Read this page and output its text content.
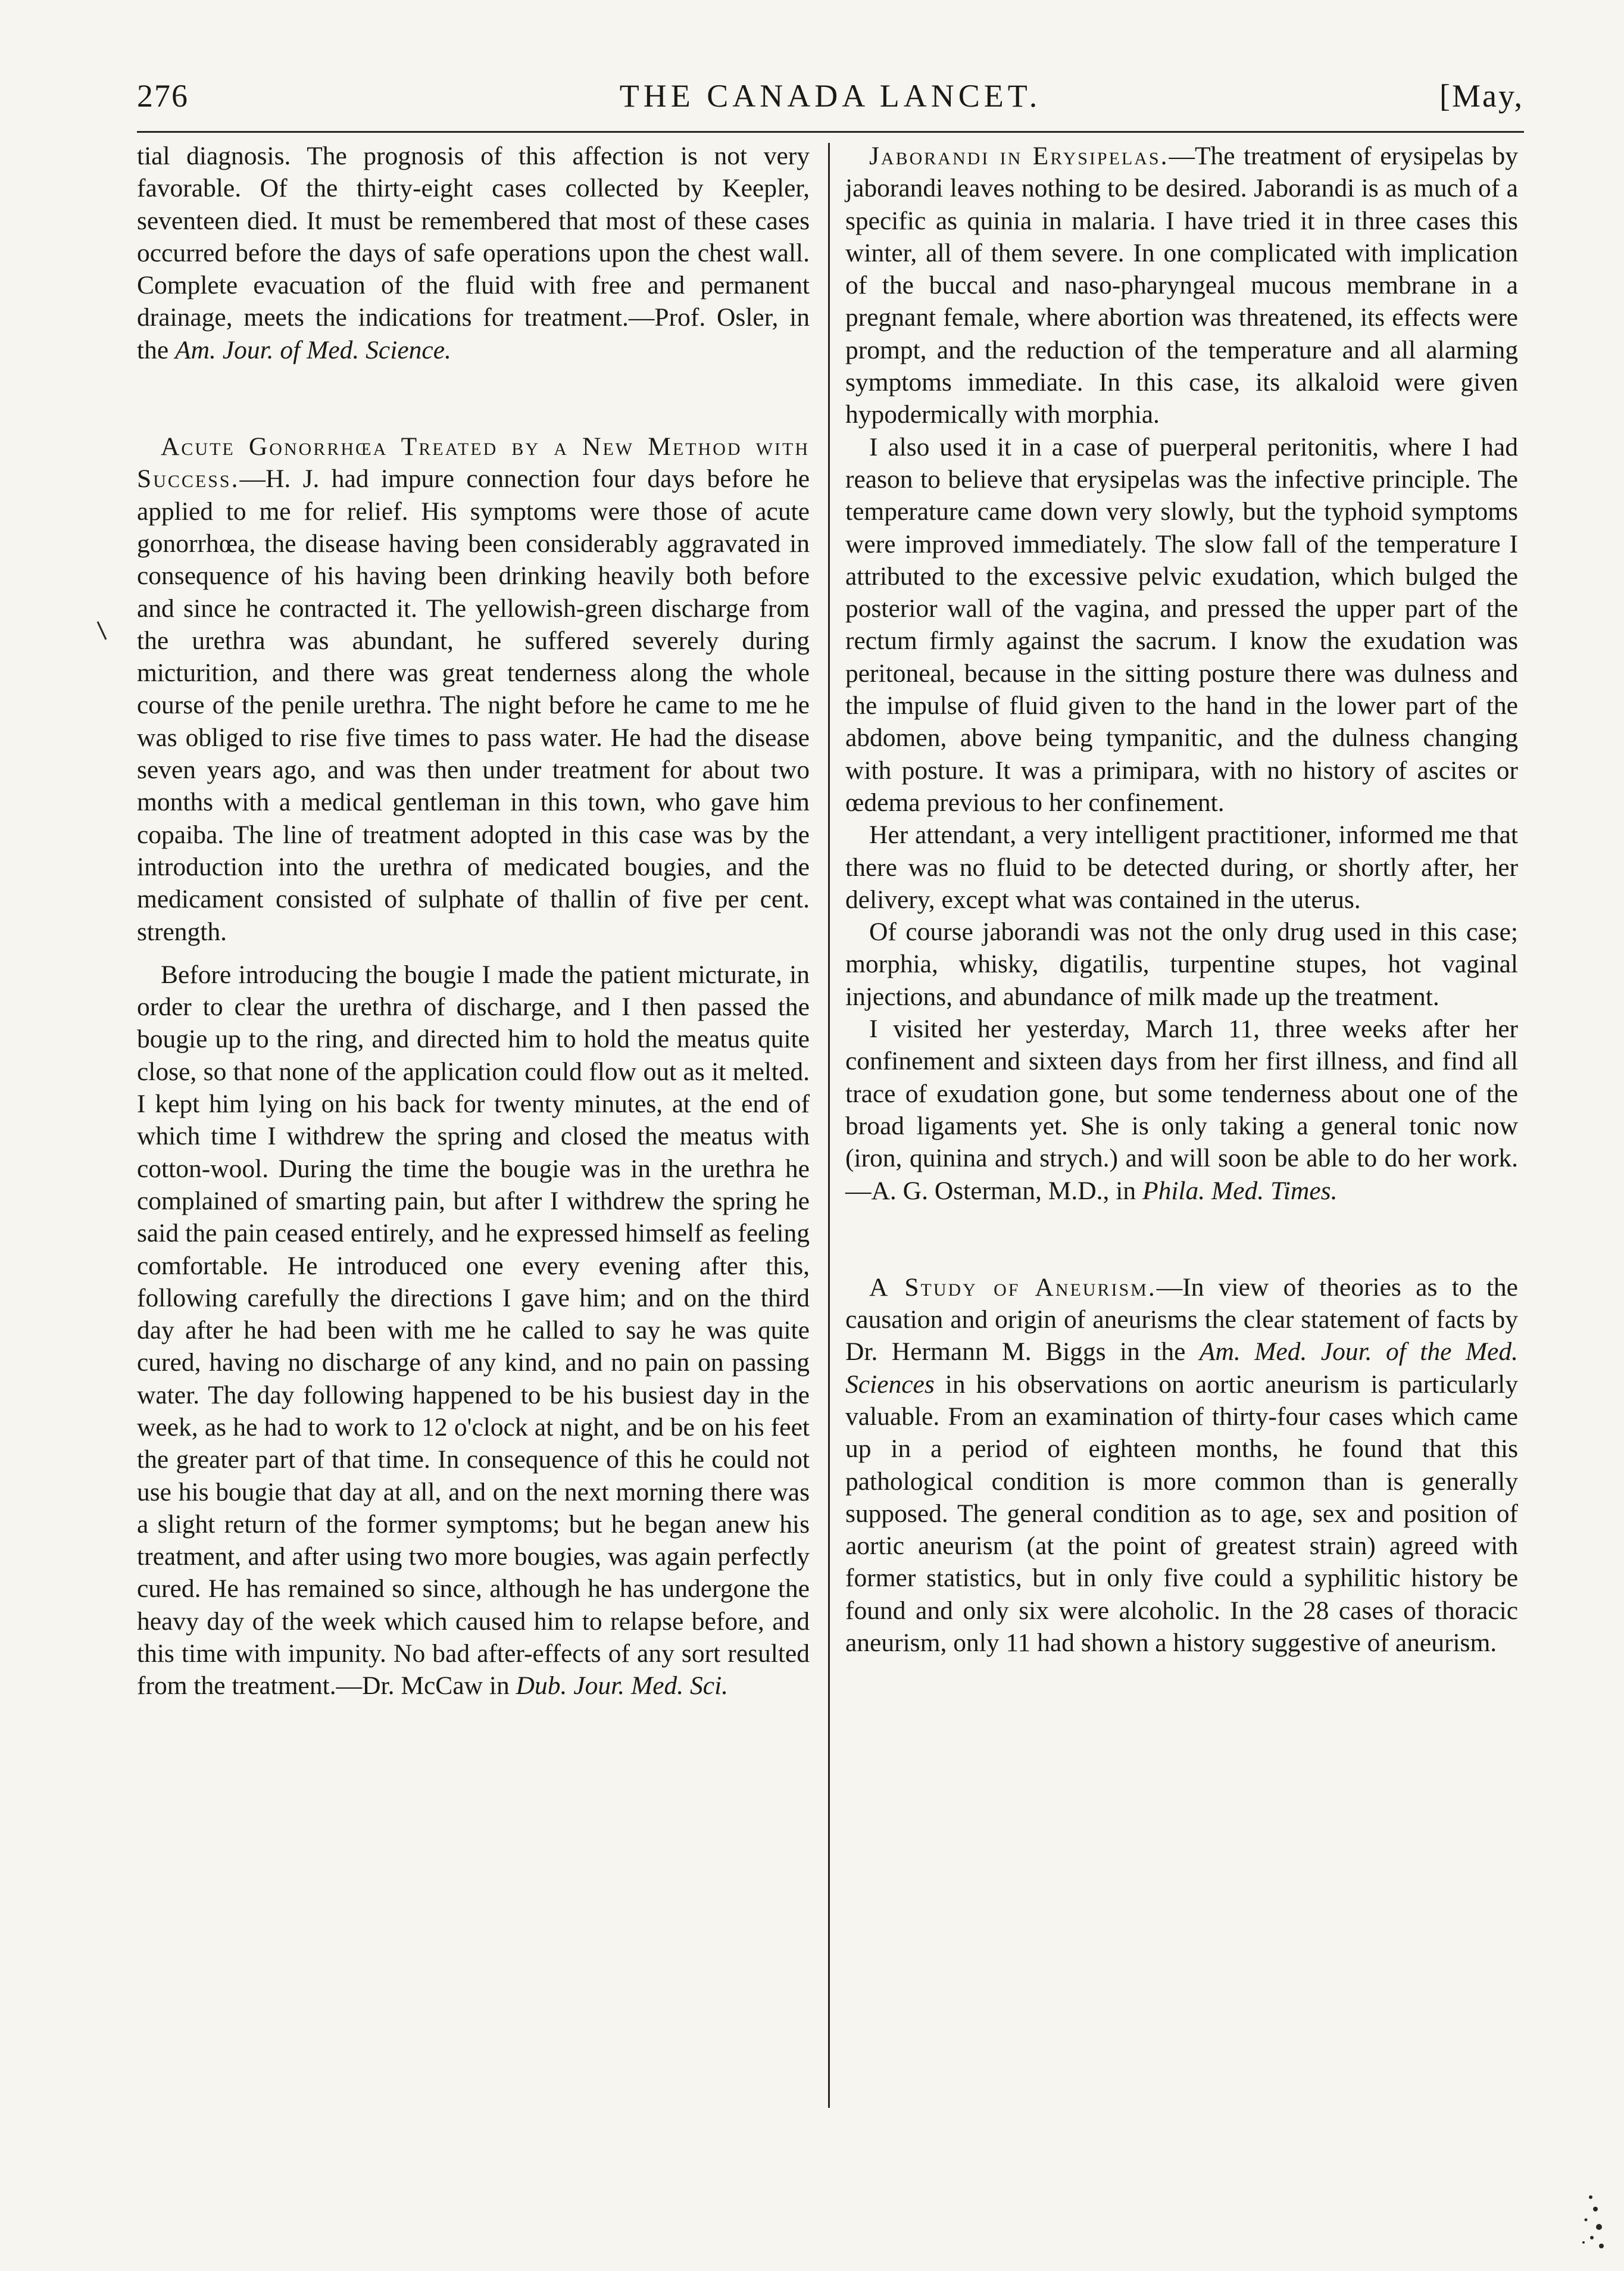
276	THE CANADA LANCET.	[May,

tial diagnosis. The prognosis of this affection is not very favorable. Of the thirty-eight cases collected by Keepler, seventeen died. It must be remembered that most of these cases occurred before the days of safe operations upon the chest wall. Complete evacuation of the fluid with free and permanent drainage, meets the indications for treatment.—Prof. Osler, in the Am. Jour. of Med. Science.

Acute Gonorrhœa Treated by a New Method with Success.—H. J. had impure connection four days before he applied to me for relief. His symptoms were those of acute gonorrhœa, the disease having been considerably aggravated in consequence of his having been drinking heavily both before and since he contracted it. The yellowish-green discharge from the urethra was abundant, he suffered severely during micturition, and there was great tenderness along the whole course of the penile urethra. The night before he came to me he was obliged to rise five times to pass water. He had the disease seven years ago, and was then under treatment for about two months with a medical gentleman in this town, who gave him copaiba. The line of treatment adopted in this case was by the introduction into the urethra of medicated bougies, and the medicament consisted of sulphate of thallin of five per cent. strength.

Before introducing the bougie I made the patient micturate, in order to clear the urethra of discharge, and I then passed the bougie up to the ring, and directed him to hold the meatus quite close, so that none of the application could flow out as it melted. I kept him lying on his back for twenty minutes, at the end of which time I withdrew the spring and closed the meatus with cotton-wool. During the time the bougie was in the urethra he complained of smarting pain, but after I withdrew the spring he said the pain ceased entirely, and he expressed himself as feeling comfortable. He introduced one every evening after this, following carefully the directions I gave him; and on the third day after he had been with me he called to say he was quite cured, having no discharge of any kind, and no pain on passing water. The day following happened to be his busiest day in the week, as he had to work to 12 o'clock at night, and be on his feet the greater part of that time. In consequence of this he could not use his bougie that day at all, and on the next morning there was a slight return of the former symptoms; but he began anew his treatment, and after using two more bougies, was again perfectly cured. He has remained so since, although he has undergone the heavy day of the week which caused him to relapse before, and this time with impunity. No bad after-effects of any sort resulted from the treatment.—Dr. McCaw in Dub. Jour. Med. Sci.

Jaborandi in Erysipelas.—The treatment of erysipelas by jaborandi leaves nothing to be desired. Jaborandi is as much of a specific as quinia in malaria. I have tried it in three cases this winter, all of them severe. In one complicated with implication of the buccal and naso-pharyngeal mucous membrane in a pregnant female, where abortion was threatened, its effects were prompt, and the reduction of the temperature and all alarming symptoms immediate. In this case, its alkaloid were given hypodermically with morphia.

I also used it in a case of puerperal peritonitis, where I had reason to believe that erysipelas was the infective principle. The temperature came down very slowly, but the typhoid symptoms were improved immediately. The slow fall of the temperature I attributed to the excessive pelvic exudation, which bulged the posterior wall of the vagina, and pressed the upper part of the rectum firmly against the sacrum. I know the exudation was peritoneal, because in the sitting posture there was dulness and the impulse of fluid given to the hand in the lower part of the abdomen, above being tympanitic, and the dulness changing with posture. It was a primipara, with no history of ascites or œdema previous to her confinement.

Her attendant, a very intelligent practitioner, informed me that there was no fluid to be detected during, or shortly after, her delivery, except what was contained in the uterus.

Of course jaborandi was not the only drug used in this case; morphia, whisky, digatilis, turpentine stupes, hot vaginal injections, and abundance of milk made up the treatment.

I visited her yesterday, March 11, three weeks after her confinement and sixteen days from her first illness, and find all trace of exudation gone, but some tenderness about one of the broad ligaments yet. She is only taking a general tonic now (iron, quinina and strych.) and will soon be able to do her work.—A. G. Osterman, M.D., in Phila. Med. Times.

A Study of Aneurism.—In view of theories as to the causation and origin of aneurisms the clear statement of facts by Dr. Hermann M. Biggs in the Am. Med. Jour. of the Med. Sciences in his observations on aortic aneurism is particularly valuable. From an examination of thirty-four cases which came up in a period of eighteen months, he found that this pathological condition is more common than is generally supposed. The general condition as to age, sex and position of aortic aneurism (at the point of greatest strain) agreed with former statistics, but in only five could a syphilitic history be found and only six were alcoholic. In the 28 cases of thoracic aneurism, only 11 had shown a history suggestive of aneurism.
